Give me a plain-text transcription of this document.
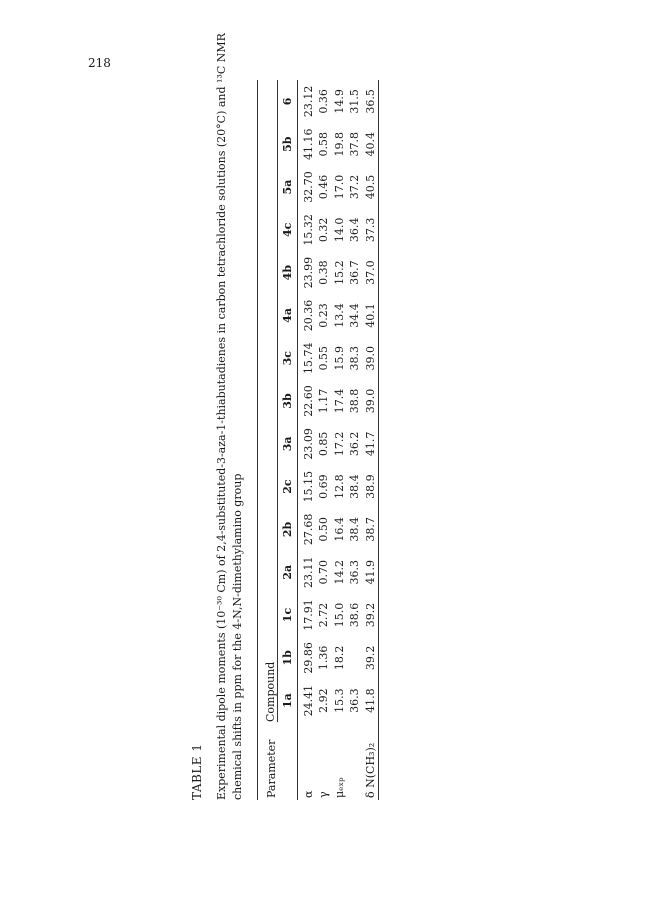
218
TABLE 1 Experimental dipole moments (10⁻³⁰ Cm) of 2,4-substituted-3-aza-1-thiabutadienes in carbon tetrachloride solutions (20°C) and ¹³C NMR chemical shifts in ppm for the 4-N,N-dimethylamino group Parameter	Compound														
	1a	1b	1c	2a	2b	2c	3a	3b	3c	4a	4b	4c	5a	5b	6
α	24.41	29.86	17.91	23.11	27.68	15.15	23.09	22.60	15.74	20.36	23.99	15.32	32.70	41.16	23.12
γ	2.92	1.36	2.72	0.70	0.50	0.69	0.85	1.17	0.55	0.23	0.38	0.32	0.46	0.58	0.36
μₑₓₚ	15.3	18.2	15.0	14.2	16.4	12.8	17.2	17.4	15.9	13.4	15.2	14.0	17.0	19.8	14.9
	36.3		38.6	36.3	38.4	38.4	36.2	38.8	38.3	34.4	36.7	36.4	37.2	37.8	31.5
δ N(CH₃)₂	41.8	39.2	39.2	41.9	38.7	38.9	41.7	39.0	39.0	40.1	37.0	37.3	40.5	40.4	36.5
